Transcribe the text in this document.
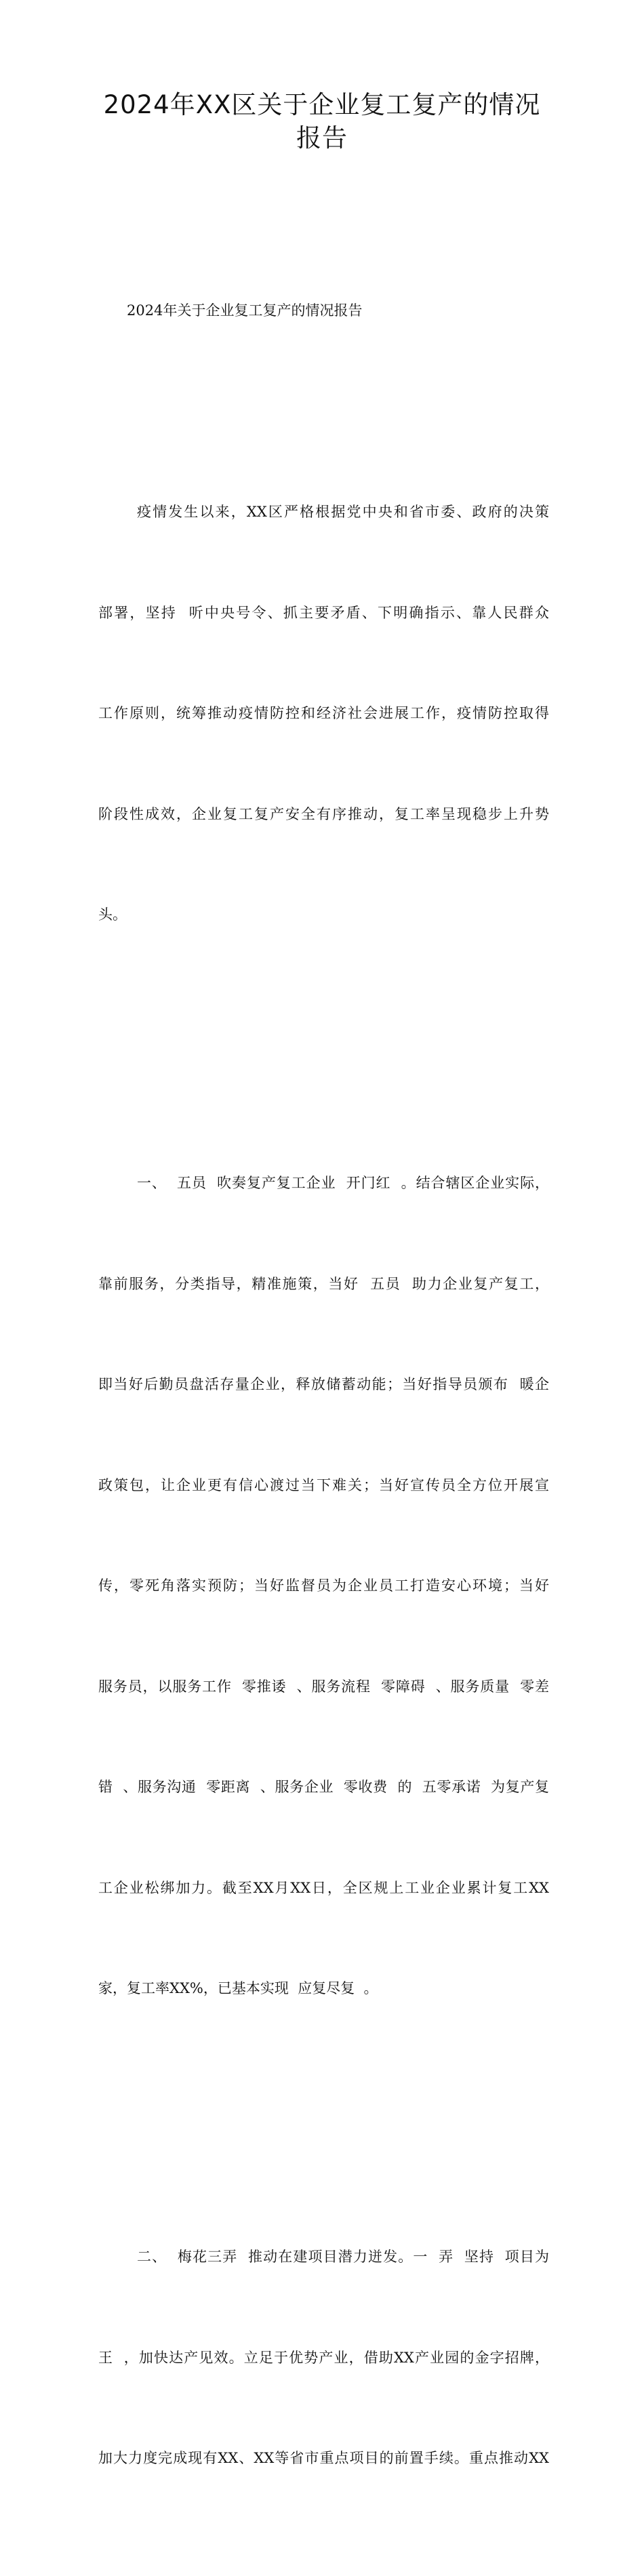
2024年XX区关于企业复工复产的情况
报告

2024年关于企业复工复产的情况报告

疫情发生以来，XX区严格根据党中央和省市委、政府的决策

部署，坚持  听中央号令、抓主要矛盾、下明确指示、靠人民群众

工作原则，统筹推动疫情防控和经济社会进展工作，疫情防控取得

阶段性成效，企业复工复产安全有序推动，复工率呈现稳步上升势

头。

一、  五员  吹奏复产复工企业  开门红  。结合辖区企业实际，

靠前服务，分类指导，精准施策，当好  五员  助力企业复产复工，

即当好后勤员盘活存量企业，释放储蓄动能；当好指导员颁布  暖企

政策包，让企业更有信心渡过当下难关；当好宣传员全方位开展宣

传，零死角落实预防；当好监督员为企业员工打造安心环境；当好

服务员，以服务工作  零推诿  、服务流程  零障碍  、服务质量  零差

错  、服务沟通  零距离  、服务企业  零收费  的  五零承诺  为复产复

工企业松绑加力。截至XX月XX日，全区规上工业企业累计复工XX

家，复工率XX%，已基本实现  应复尽复  。

二、  梅花三弄  推动在建项目潜力迸发。一  弄  坚持  项目为

王  ，加快达产见效。立足于优势产业，借助XX产业园的金字招牌，

加大力度完成现有XX、XX等省市重点项目的前置手续。重点推动XX
